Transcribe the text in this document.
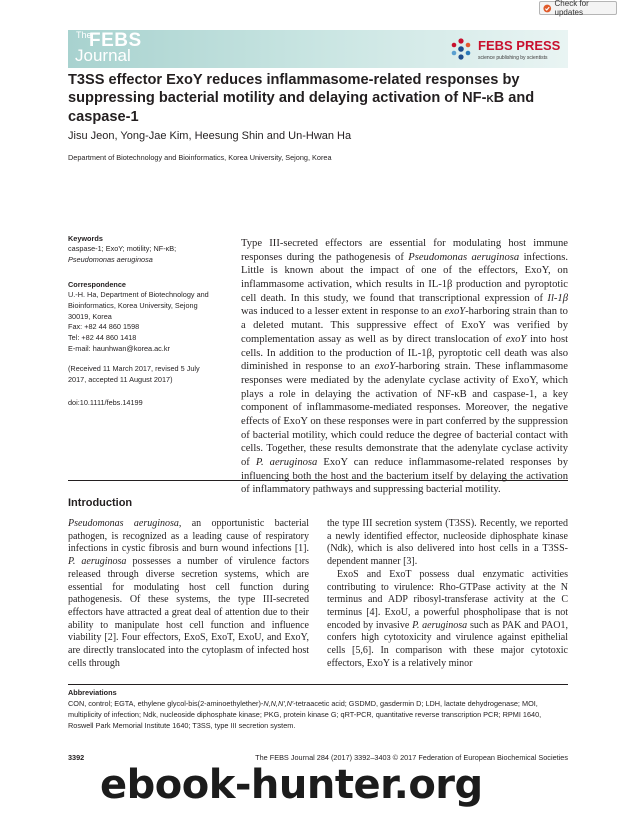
Check for updates
The
FEBS
Journal
FEBS PRESS
science publishing by scientists
T3SS effector ExoY reduces inflammasome-related responses by suppressing bacterial motility and delaying activation of NF-κB and caspase-1
Jisu Jeon, Yong-Jae Kim, Heesung Shin and Un-Hwan Ha
Department of Biotechnology and Bioinformatics, Korea University, Sejong, Korea
Keywords
caspase-1; ExoY; motility; NF-κB;
Pseudomonas aeruginosa
Correspondence
U.-H. Ha, Department of Biotechnology and
Bioinformatics, Korea University, Sejong
30019, Korea
Fax: +82 44 860 1598
Tel: +82 44 860 1418
E-mail: haunhwan@korea.ac.kr
(Received 11 March 2017, revised 5 July
2017, accepted 11 August 2017)
doi:10.1111/febs.14199

Type III-secreted effectors are essential for modulating host immune responses during the pathogenesis of Pseudomonas aeruginosa infections. Little is known about the impact of one of the effectors, ExoY, on inflammasome activation, which results in IL-1β production and pyroptotic cell death. In this study, we found that transcriptional expression of Il-1β was induced to a lesser extent in response to an exoY-harboring strain than to a deleted mutant. This suppressive effect of ExoY was verified by complementation assay as well as by direct translocation of exoY into host cells. In addition to the production of IL-1β, pyroptotic cell death was also diminished in response to an exoY-harboring strain. These inflammasome responses were mediated by the adenylate cyclase activity of ExoY, which plays a role in delaying the activation of NF-κB and caspase-1, a key component of inflammasome-mediated responses. Moreover, the negative effects of ExoY on these responses were in part conferred by the suppression of bacterial motility, which could reduce the degree of bacterial contact with cells. Together, these results demonstrate that the adenylate cyclase activity of P. aeruginosa ExoY can reduce inflammasome-related responses by influencing both the host and the bacterium itself by delaying the activation of inflammatory pathways and suppressing bacterial motility.

Introduction

Pseudomonas aeruginosa, an opportunistic bacterial pathogen, is recognized as a leading cause of respiratory infections in cystic fibrosis and burn wound infections [1]. P. aeruginosa possesses a number of virulence factors released through diverse secretion systems, which are essential for modulating host cell function during pathogenesis. Of these systems, the type III-secreted effectors have attracted a great deal of attention due to their ability to manipulate host cell function and influence viability [2]. Four effectors, ExoS, ExoT, ExoU, and ExoY, are directly translocated into the cytoplasm of infected host cells through

the type III secretion system (T3SS). Recently, we reported a newly identified effector, nucleoside diphosphate kinase (Ndk), which is also delivered into host cells in a T3SS-dependent manner [3].

ExoS and ExoT possess dual enzymatic activities contributing to virulence: Rho-GTPase activity at the N terminus and ADP ribosyl-transferase activity at the C terminus [4]. ExoU, a powerful phospholipase that is not encoded by invasive P. aeruginosa such as PAK and PAO1, confers high cytotoxicity and virulence against epithelial cells [5,6]. In comparison with these major cytotoxic effectors, ExoY is a relatively minor

Abbreviations

CON, control; EGTA, ethylene glycol-bis(2-aminoethylether)-N,N,N′,N′-tetraacetic acid; GSDMD, gasdermin D; LDH, lactate dehydrogenase; MOI, multiplicity of infection; Ndk, nucleoside diphosphate kinase; PKG, protein kinase G; qRT-PCR, quantitative reverse transcription PCR; RPMI 1640, Roswell Park Memorial Institute 1640; T3SS, type III secretion system.

3392	The FEBS Journal 284 (2017) 3392–3403 © 2017 Federation of European Biochemical Societies
ebook-hunter.org
